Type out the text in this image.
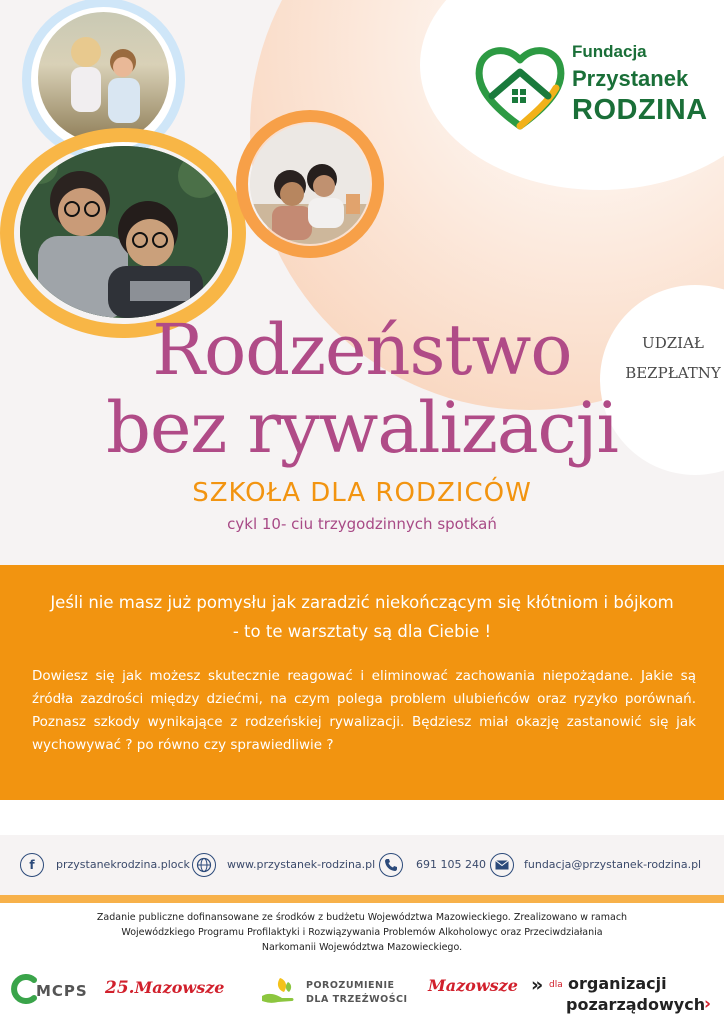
Fundacja
Przystanek
RODZINA
UDZIAŁ
BEZPŁATNY
Rodzeństwo
bez rywalizacji
SZKOŁA DLA RODZICÓW
cykl 10- ciu trzygodzinnych spotkań
Jeśli nie masz już pomysłu jak zaradzić niekończącym się kłótniom i bójkom
- to te warsztaty są dla Ciebie !
Dowiesz się jak możesz skutecznie reagować i eliminować zachowania niepożądane. Jakie są źródła zazdrości między dziećmi, na czym polega problem ulubieńców oraz ryzyko porównań. Poznasz szkody wynikające z rodzeńskiej rywalizacji. Będziesz miał okazję zastanowić się jak wychowywać ? po równo czy sprawiedliwie ?
f	przystanekrodzina.plock	www.przystanek-rodzina.pl	691 105 240	fundacja@przystanek-rodzina.pl
Zadanie publiczne dofinansowane ze środków z budżetu Województwa Mazowieckiego. Zrealizowano w ramach
Wojewódzkiego Programu Profilaktyki i Rozwiązywania Problemów Alkoholowyc oraz Przeciwdziałania
Narkomanii Województwa Mazowieckiego.
MCPS 25.Mazowsze	POROZUMIENIE
DLA TRZEŹWOŚCI
Mazowsze » dla organizacji
pozarządowych
›
